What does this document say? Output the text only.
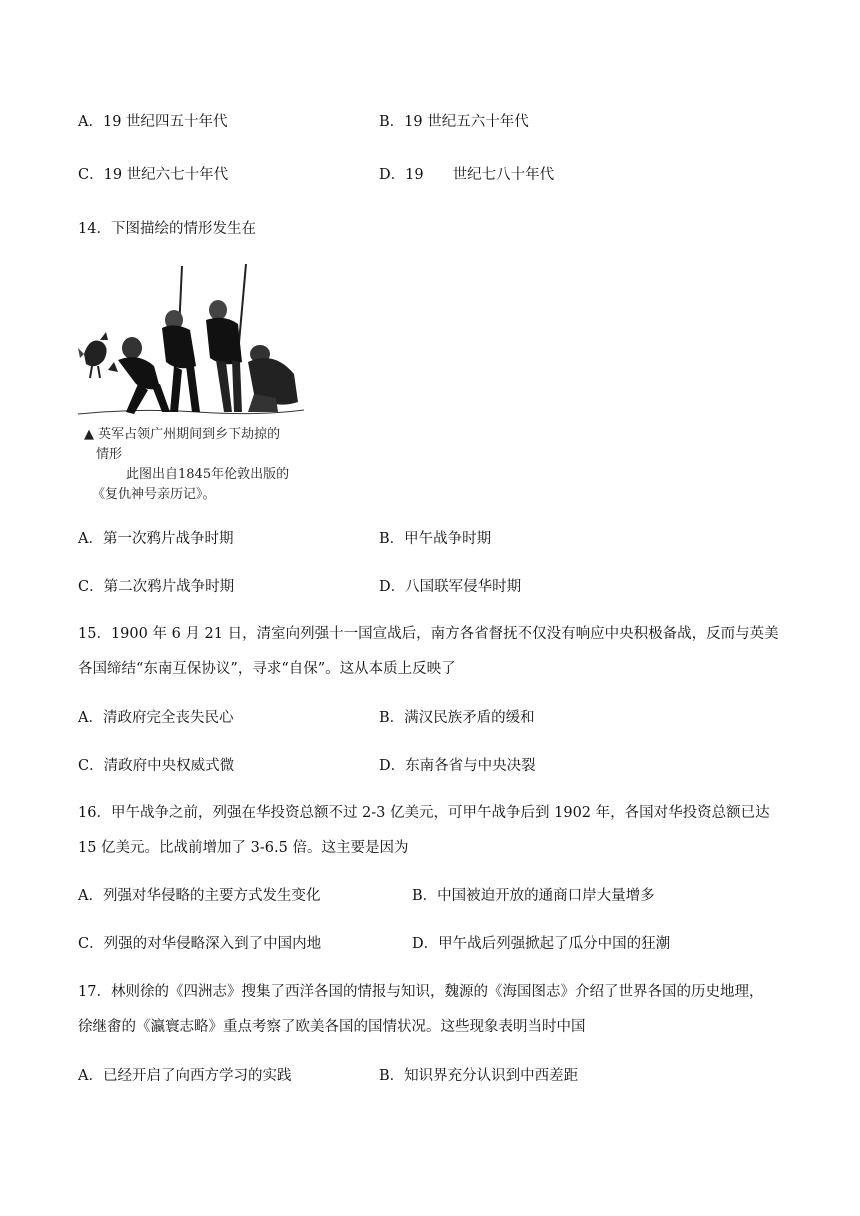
A．19 世纪四五十年代	B．19 世纪五六十年代
C．19 世纪六七十年代	D．19　　世纪七八十年代
14．下图描绘的情形发生在
▲ 英军占领广州期间到乡下劫掠的
情形
此图出自1845年伦敦出版的
《复仇神号亲历记》。
A．第一次鸦片战争时期	B．甲午战争时期
C．第二次鸦片战争时期	D．八国联军侵华时期
15．1900 年 6 月 21 日，清室向列强十一国宣战后，南方各省督抚不仅没有响应中央积极备战，反而与英美
各国缔结“东南互保协议”，寻求“自保”。这从本质上反映了
A．清政府完全丧失民心	B．满汉民族矛盾的缓和
C．清政府中央权威式微	D．东南各省与中央决裂
16．甲午战争之前，列强在华投资总额不过 2-3 亿美元，可甲午战争后到 1902 年，各国对华投资总额已达
15 亿美元。比战前增加了 3-6.5 倍。这主要是因为
A．列强对华侵略的主要方式发生变化	B．中国被迫开放的通商口岸大量增多
C．列强的对华侵略深入到了中国内地	D．甲午战后列强掀起了瓜分中国的狂潮
17．林则徐的《四洲志》搜集了西洋各国的情报与知识，魏源的《海国图志》介绍了世界各国的历史地理，
徐继畬的《瀛寰志略》重点考察了欧美各国的国情状况。这些现象表明当时中国
A．已经开启了向西方学习的实践	B．知识界充分认识到中西差距
